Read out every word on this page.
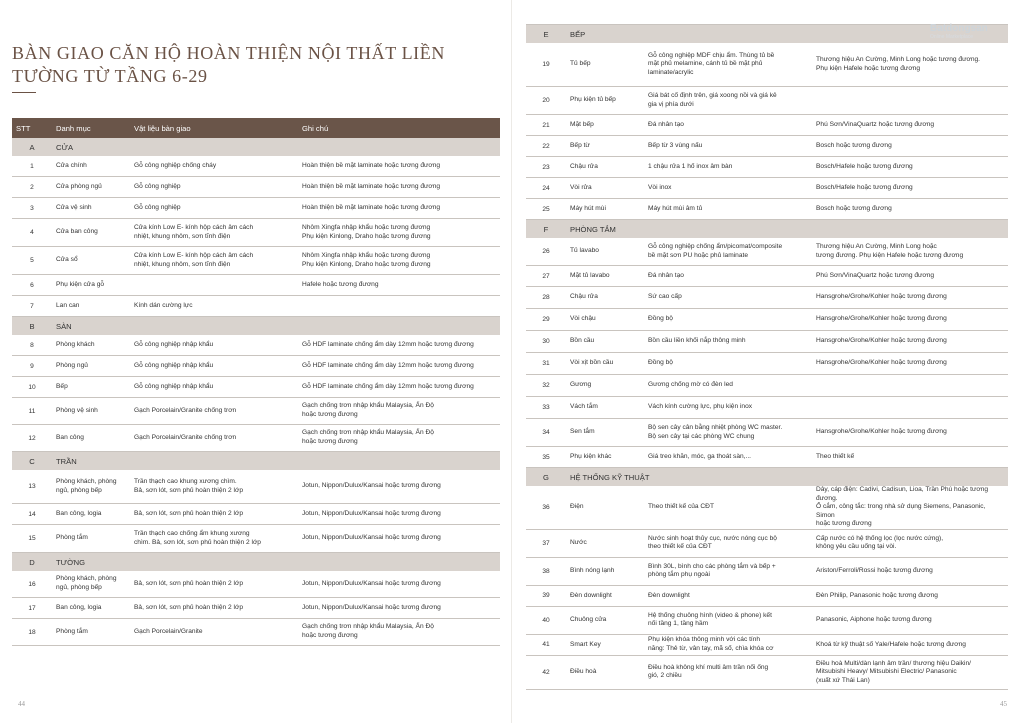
BÀN GIAO CĂN HỘ HOÀN THIỆN NỘI THẤT LIỀN TƯỜNG TỪ TẦNG 6-29
STT	Danh mục	Vật liệu bàn giao	Ghi chú
A	CỬA		
1	Cửa chính	Gỗ công nghiệp chống cháy	Hoàn thiện bề mặt laminate hoặc tương đương
2	Cửa phòng ngủ	Gỗ công nghiệp	Hoàn thiện bề mặt laminate hoặc tương đương
3	Cửa vệ sinh	Gỗ công nghiệp	Hoàn thiện bề mặt laminate hoặc tương đương
4	Cửa ban công	Cửa kính Low E- kính hộp cách âm cách
nhiệt, khung nhôm, sơn tĩnh điện	Nhôm Xingfa nhập khẩu hoặc tương đương
Phụ kiện Kinlong, Draho hoặc tương đương
5	Cửa sổ	Cửa kính Low E- kính hộp cách âm cách
nhiệt, khung nhôm, sơn tĩnh điện	Nhôm Xingfa nhập khẩu hoặc tương đương
Phụ kiện Kinlong, Draho hoặc tương đương
6	Phụ kiện cửa gỗ		Hafele hoặc tương đương
7	Lan can	Kính dán cường lực	
B	SÀN		
8	Phòng khách	Gỗ công nghiệp nhập khẩu	Gỗ HDF laminate chống ẩm dày 12mm hoặc tương đương
9	Phòng ngủ	Gỗ công nghiệp nhập khẩu	Gỗ HDF laminate chống ẩm dày 12mm hoặc tương đương
10	Bếp	Gỗ công nghiệp nhập khẩu	Gỗ HDF laminate chống ẩm dày 12mm hoặc tương đương
11	Phòng vệ sinh	Gạch Porcelain/Granite chống trơn	Gạch chống trơn nhập khẩu Malaysia, Ấn Độ
hoặc tương đương
12	Ban công	Gạch Porcelain/Granite chống trơn	Gạch chống trơn nhập khẩu Malaysia, Ấn Độ
hoặc tương đương
C	TRẦN		
13	Phòng khách, phòng
ngủ, phòng bếp	Trần thạch cao khung xương chìm.
Bả, sơn lót, sơn phủ hoàn thiện 2 lớp	Jotun, Nippon/Dulux/Kansai hoặc tương đương
14	Ban công, logia	Bả, sơn lót, sơn phủ hoàn thiện 2 lớp	Jotun, Nippon/Dulux/Kansai hoặc tương đương
15	Phòng tắm	Trần thạch cao chống ẩm khung xương
chìm. Bả, sơn lót, sơn phủ hoàn thiện 2 lớp	Jotun, Nippon/Dulux/Kansai hoặc tương đương
D	TƯỜNG		
16	Phòng khách, phòng
ngủ, phòng bếp	Bả, sơn lót, sơn phủ hoàn thiện 2 lớp	Jotun, Nippon/Dulux/Kansai hoặc tương đương
17	Ban công, logia	Bả, sơn lót, sơn phủ hoàn thiện 2 lớp	Jotun, Nippon/Dulux/Kansai hoặc tương đương
18	Phòng tắm	Gạch Porcelain/Granite	Gạch chống trơn nhập khẩu Malaysia, Ấn Độ
hoặc tương đương
44
E	BẾP		
19	Tủ bếp	Gỗ công nghiệp MDF chịu ẩm. Thùng tủ bề
mặt phủ melamine, cánh tủ bề mặt phủ
laminate/acrylic	Thương hiệu An Cường, Minh Long hoặc tương đương.
Phụ kiện Hafele hoặc tương đương
20	Phụ kiện tủ bếp	Giá bát cố định trên, giá xoong nồi và giá kê
gia vị phía dưới	
21	Mặt bếp	Đá nhân tạo	Phú Sơn/VinaQuartz hoặc tương đương
22	Bếp từ	Bếp từ 3 vùng nấu	Bosch hoặc tương đương
23	Chậu rửa	1 chậu rửa 1 hố inox âm bàn	Bosch/Hafele hoặc tương đương
24	Vòi rửa	Vòi inox	Bosch/Hafele hoặc tương đương
25	Máy hút mùi	Máy hút mùi âm tủ	Bosch hoặc tương đương
F	PHÒNG TẮM		
26	Tủ lavabo	Gỗ công nghiệp chống ẩm/picomat/composite
bề mặt sơn PU hoặc phủ laminate	Thương hiệu An Cường, Minh Long hoặc
tương đương. Phụ kiện Hafele hoặc tương đương
27	Mặt tủ lavabo	Đá nhân tạo	Phú Sơn/VinaQuartz hoặc tương đương
28	Chậu rửa	Sứ cao cấp	Hansgrohe/Grohe/Kohler hoặc tương đương
29	Vòi chậu	Đồng bộ	Hansgrohe/Grohe/Kohler hoặc tương đương
30	Bồn cầu	Bồn cầu liền khối nắp thông minh	Hansgrohe/Grohe/Kohler hoặc tương đương
31	Vòi xịt bồn cầu	Đồng bộ	Hansgrohe/Grohe/Kohler hoặc tương đương
32	Gương	Gương chống mờ có đèn led	
33	Vách tắm	Vách kính cường lực, phụ kiện inox	
34	Sen tắm	Bộ sen cây cân bằng nhiệt phòng WC master.
Bộ sen cây tại các phòng WC chung	Hansgrohe/Grohe/Kohler hoặc tương đương
35	Phụ kiện khác	Giá treo khăn, móc, ga thoát sàn,...	Theo thiết kế
G	HỆ THỐNG KỸ THUẬT		
36	Điện	Theo thiết kế của CĐT	Dây, cáp điện: Cadivi, Cadisun, Lioa, Trần Phú hoặc tương đương.
Ổ cắm, công tắc: trong nhà sử dụng Siemens, Panasonic, Simon
hoặc tương đương
37	Nước	Nước sinh hoạt thủy cục, nước nóng cục bộ
theo thiết kế của CĐT	Cấp nước có hệ thống lọc (lọc nước cứng),
không yêu cầu uống tại vòi.
38	Bình nóng lạnh	Bình 30L, bình cho các phòng tắm và bếp +
phòng tắm phụ ngoài	Ariston/Ferroli/Rossi hoặc tương đương
39	Đèn downlight	Đèn downlight	Đèn Philip, Panasonic hoặc tương đương
40	Chuông cửa	Hệ thống chuông hình (video & phone) kết
nối tầng 1, tầng hầm	Panasonic, Aiphone hoặc tương đương
41	Smart Key	Phụ kiện khóa thông minh với các tính
năng: Thẻ từ, vân tay, mã số, chìa khóa cơ	Khoá từ kỹ thuật số Yale/Hafele hoặc tương đương
42	Điều hoà	Điều hoà không khí multi âm trần nối ống
gió, 2 chiều	Điều hoà Multi/dàn lạnh âm trần/ thương hiệu Daikin/
Mitsubishi Heavy/ Mitsubishi Electric/ Panasonic
(xuất xứ Thái Lan)
Batdongsan
Online Marketplace
45
